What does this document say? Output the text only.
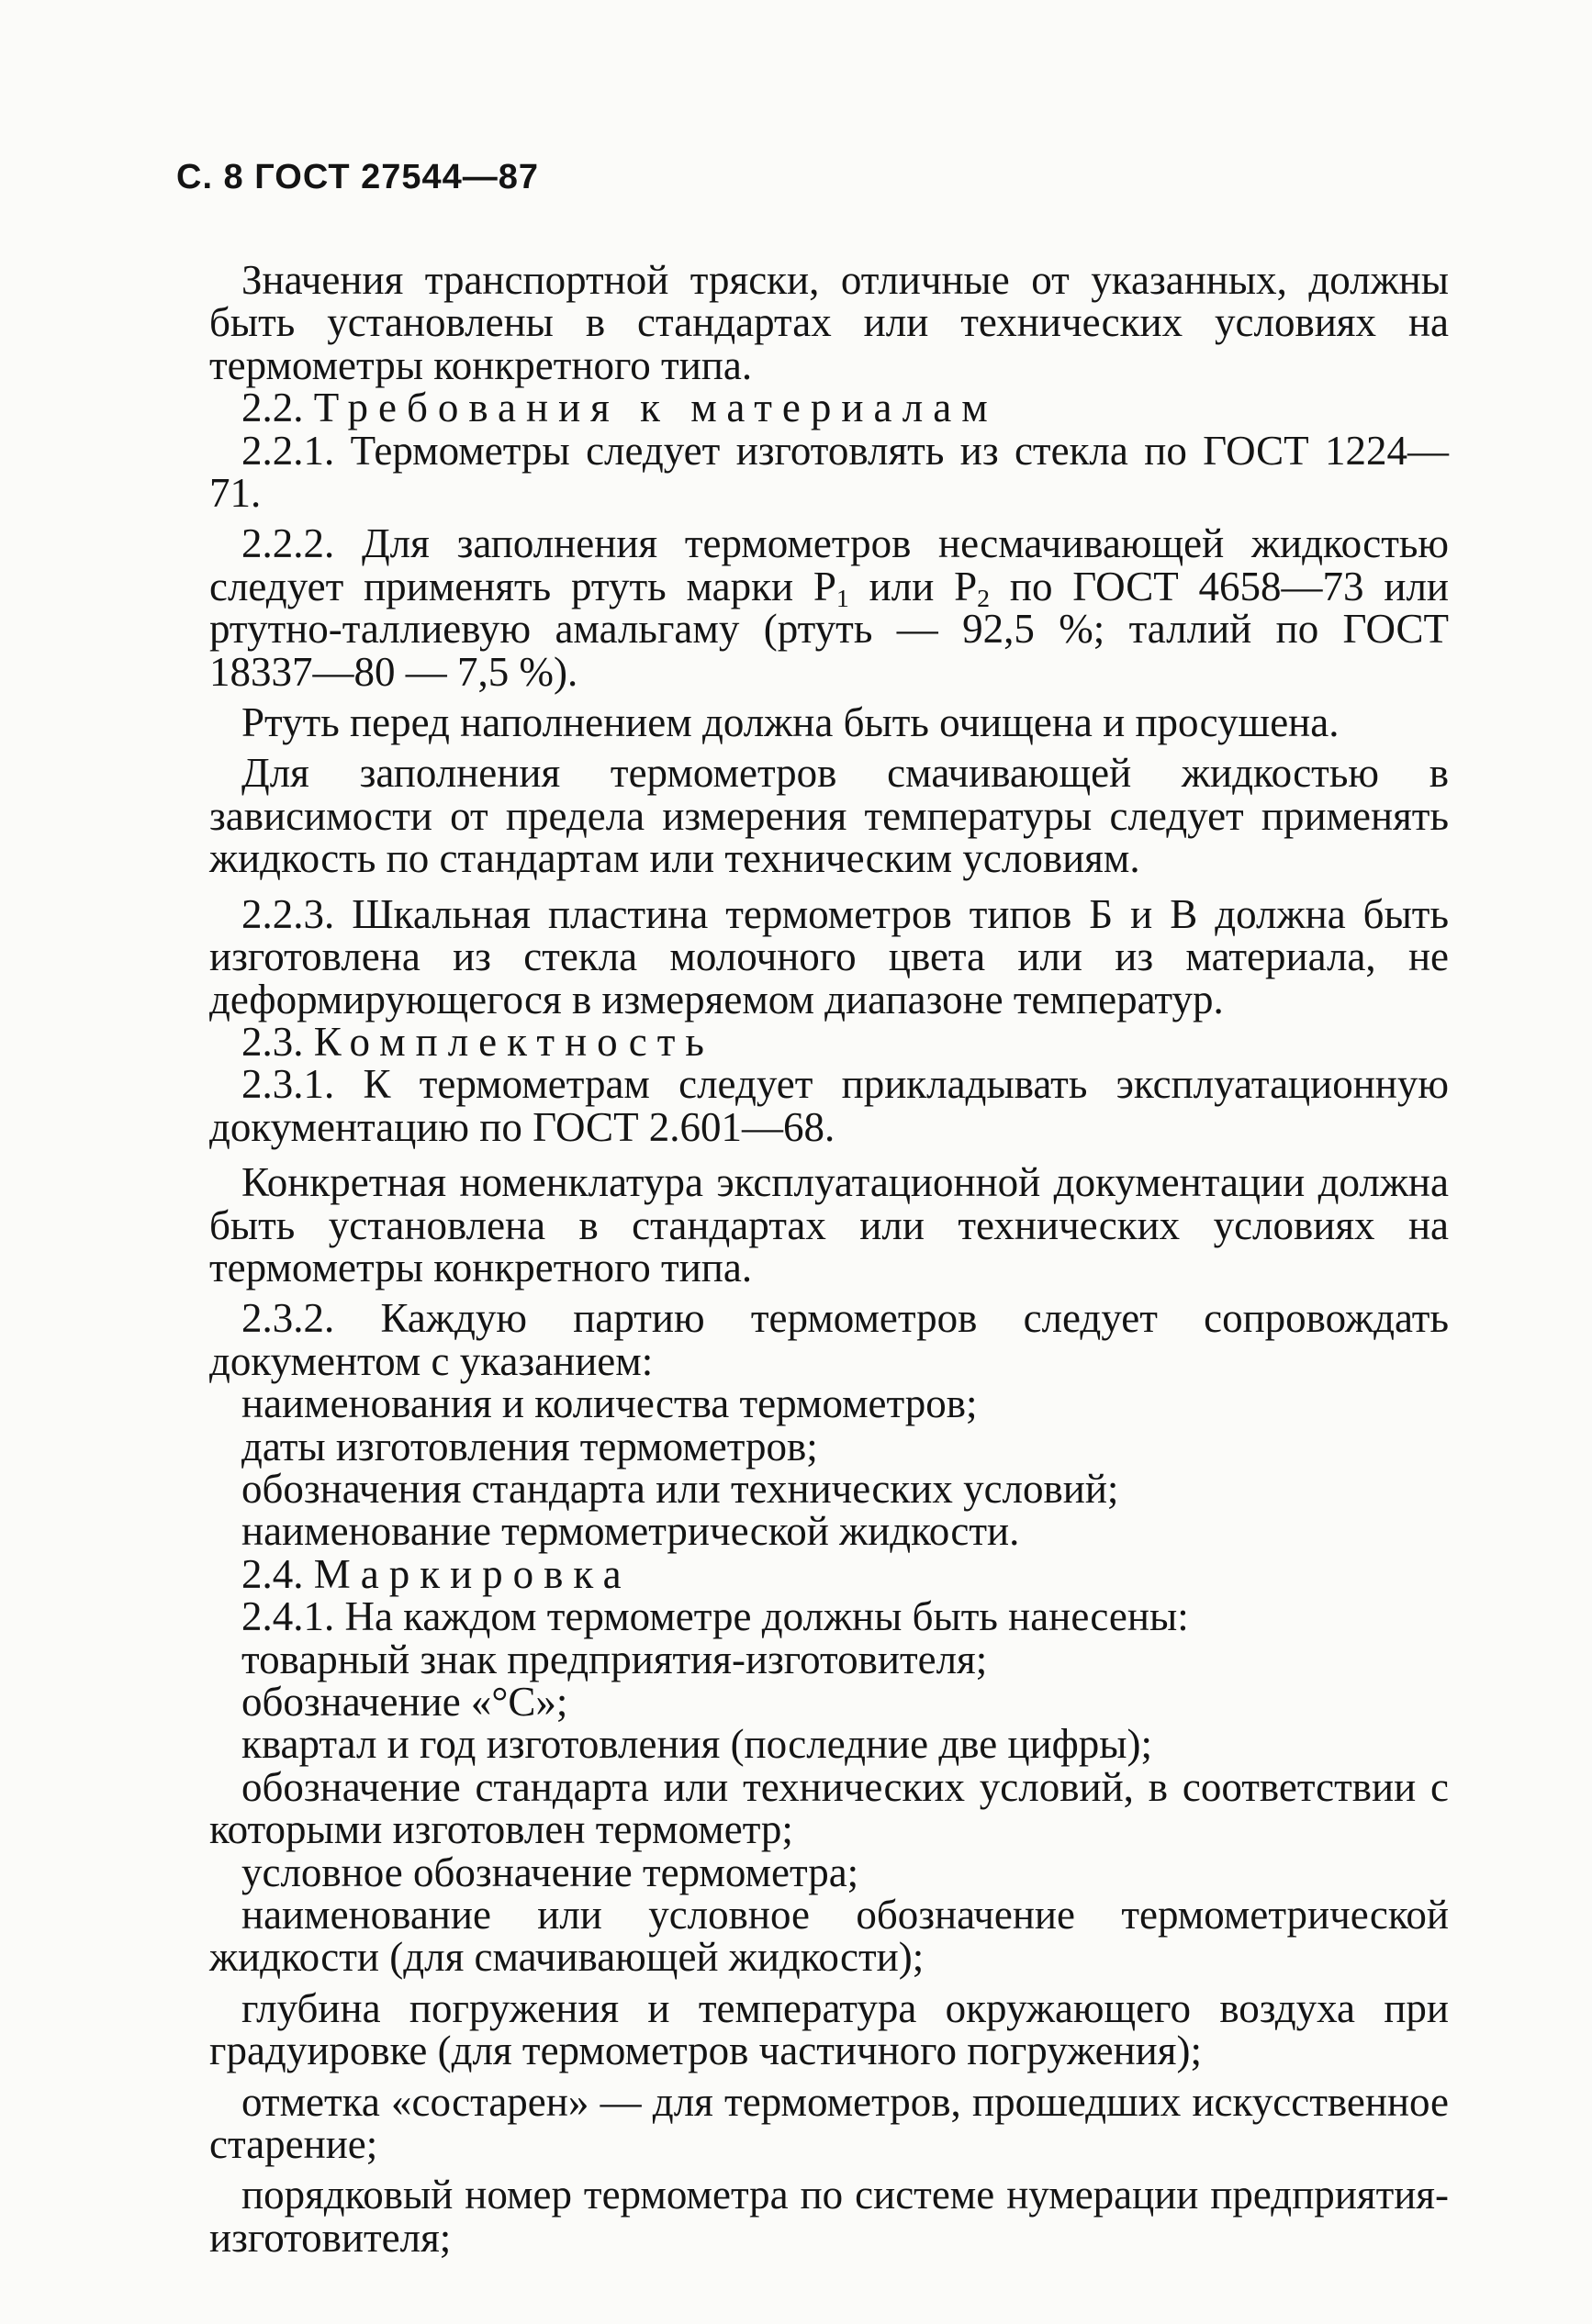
С. 8 ГОСТ 27544—87

Значения транспортной тряски, отличные от указанных, должны быть установлены в стандартах или технических условиях на термометры конкретного типа.

2.2. Требования к материалам

2.2.1. Термометры следует изготовлять из стекла по ГОСТ 1224—71.

2.2.2. Для заполнения термометров несмачивающей жидкостью следует применять ртуть марки $Р_1$ или $Р_2$ по ГОСТ 4658—73 или ртутно-таллиевую амальгаму (ртуть — 92,5 %; таллий по ГОСТ 18337—80 — 7,5 %).

Ртуть перед наполнением должна быть очищена и просушена.

Для заполнения термометров смачивающей жидкостью в зависимости от предела измерения температуры следует применять жидкость по стандартам или техническим условиям.

2.2.3. Шкальная пластина термометров типов Б и В должна быть изготовлена из стекла молочного цвета или из материала, не деформирующегося в измеряемом диапазоне температур.

2.3. Комплектность

2.3.1. К термометрам следует прикладывать эксплуатационную документацию по ГОСТ 2.601—68.

Конкретная номенклатура эксплуатационной документации должна быть установлена в стандартах или технических условиях на термометры конкретного типа.

2.3.2. Каждую партию термометров следует сопровождать документом с указанием:

наименования и количества термометров;

даты изготовления термометров;

обозначения стандарта или технических условий;

наименование термометрической жидкости.

2.4. Маркировка

2.4.1. На каждом термометре должны быть нанесены:

товарный знак предприятия-изготовителя;

обозначение «°С»;

квартал и год изготовления (последние две цифры);

обозначение стандарта или технических условий, в соответствии с которыми изготовлен термометр;

условное обозначение термометра;

наименование или условное обозначение термометрической жидкости (для смачивающей жидкости);

глубина погружения и температура окружающего воздуха при градуировке (для термометров частичного погружения);

отметка «состарен» — для термометров, прошедших искусственное старение;

порядковый номер термометра по системе нумерации предприятия-изготовителя;
